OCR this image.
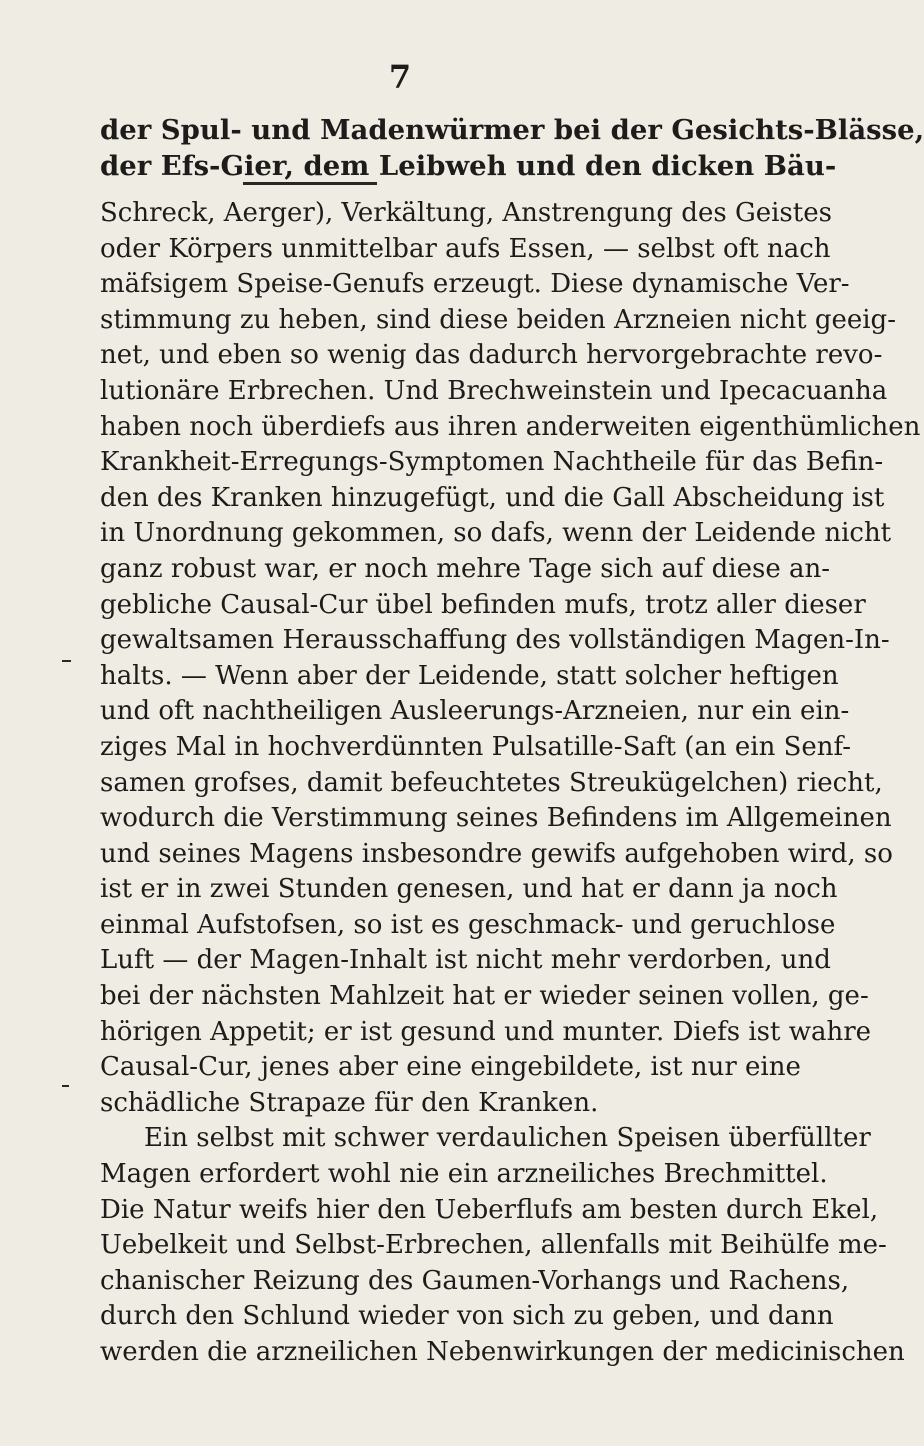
7
der Spul- und Madenwürmer bei der Gesichts-Blässe,
der Efs-Gier, dem Leibweh und den dicken Bäu-
Schreck, Aerger), Verkältung, Anstrengung des Geistes
oder Körpers unmittelbar aufs Essen, — selbst oft nach
mäfsigem Speise-Genufs erzeugt. Diese dynamische Ver-
stimmung zu heben, sind diese beiden Arzneien nicht geeig-
net, und eben so wenig das dadurch hervorgebrachte revo-
lutionäre Erbrechen. Und Brechweinstein und Ipecacuanha
haben noch überdiefs aus ihren anderweiten eigenthümlichen
Krankheit-Erregungs-Symptomen Nachtheile für das Befin-
den des Kranken hinzugefügt, und die Gall Abscheidung ist
in Unordnung gekommen, so dafs, wenn der Leidende nicht
ganz robust war, er noch mehre Tage sich auf diese an-
gebliche Causal-Cur übel befinden mufs, trotz aller dieser
gewaltsamen Herausschaffung des vollständigen Magen-In-
halts. — Wenn aber der Leidende, statt solcher heftigen
und oft nachtheiligen Ausleerungs-Arzneien, nur ein ein-
ziges Mal in hochverdünnten Pulsatille-Saft (an ein Senf-
samen grofses, damit befeuchtetes Streukügelchen) riecht,
wodurch die Verstimmung seines Befindens im Allgemeinen
und seines Magens insbesondre gewifs aufgehoben wird, so
ist er in zwei Stunden genesen, und hat er dann ja noch
einmal Aufstofsen, so ist es geschmack- und geruchlose
Luft — der Magen-Inhalt ist nicht mehr verdorben, und
bei der nächsten Mahlzeit hat er wieder seinen vollen, ge-
hörigen Appetit; er ist gesund und munter. Diefs ist wahre
Causal-Cur, jenes aber eine eingebildete, ist nur eine
schädliche Strapaze für den Kranken.
Ein selbst mit schwer verdaulichen Speisen überfüllter
Magen erfordert wohl nie ein arzneiliches Brechmittel.
Die Natur weifs hier den Ueberflufs am besten durch Ekel,
Uebelkeit und Selbst-Erbrechen, allenfalls mit Beihülfe me-
chanischer Reizung des Gaumen-Vorhangs und Rachens,
durch den Schlund wieder von sich zu geben, und dann
werden die arzneilichen Nebenwirkungen der medicinischen
